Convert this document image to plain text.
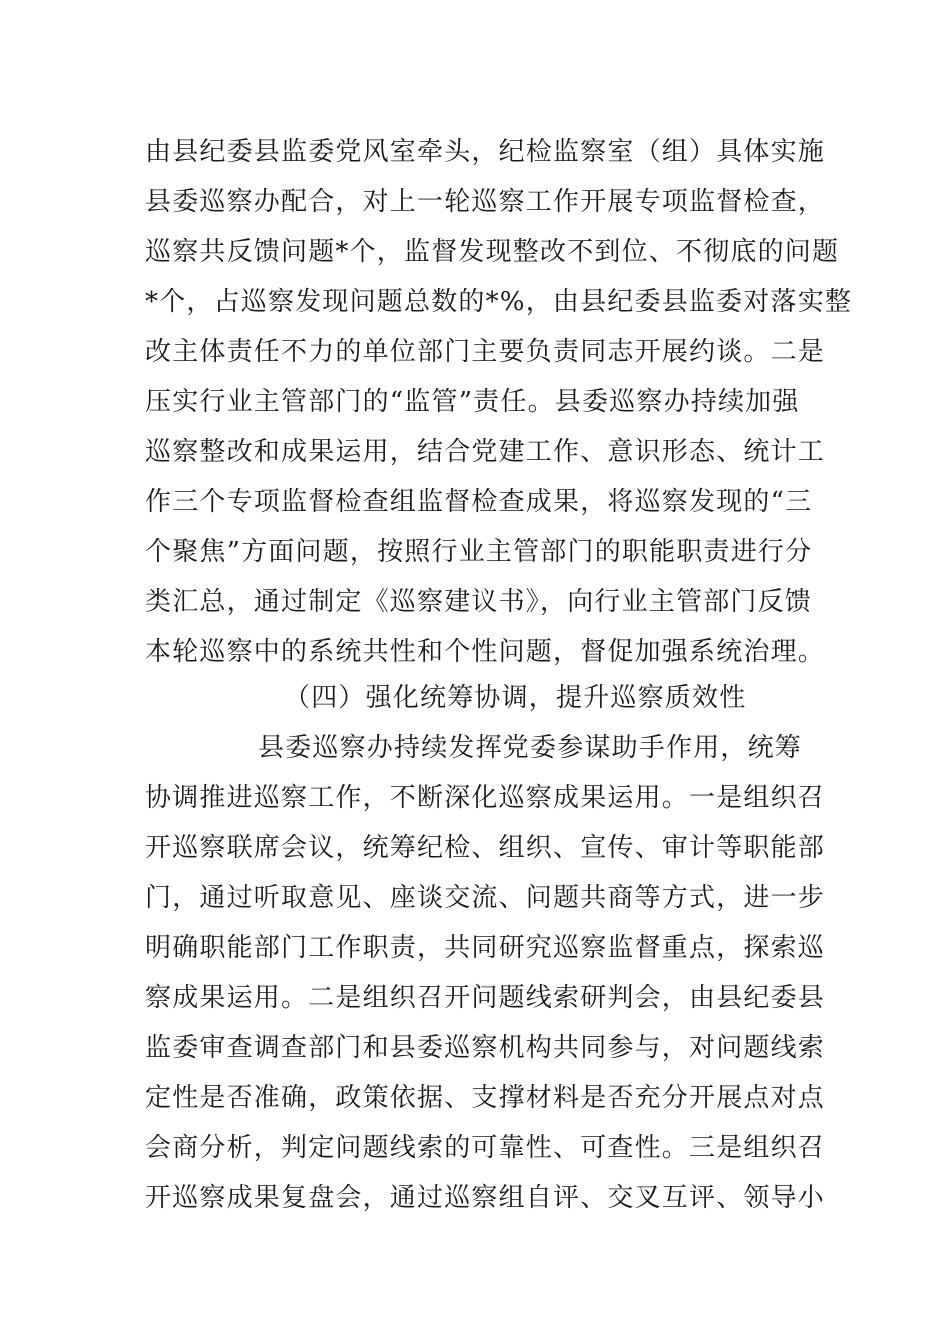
由县纪委县监委党风室牵头，纪检监察室（组）具体实施
县委巡察办配合，对上一轮巡察工作开展专项监督检查，
巡察共反馈问题*个，监督发现整改不到位、不彻底的问题
*个，占巡察发现问题总数的*%，由县纪委县监委对落实整
改主体责任不力的单位部门主要负责同志开展约谈。二是
压实行业主管部门的“监管”责任。县委巡察办持续加强
巡察整改和成果运用，结合党建工作、意识形态、统计工
作三个专项监督检查组监督检查成果，将巡察发现的“三
个聚焦”方面问题，按照行业主管部门的职能职责进行分
类汇总，通过制定《巡察建议书》，向行业主管部门反馈
本轮巡察中的系统共性和个性问题，督促加强系统治理。
（四）强化统筹协调，提升巡察质效性
县委巡察办持续发挥党委参谋助手作用，统筹
协调推进巡察工作，不断深化巡察成果运用。一是组织召
开巡察联席会议，统筹纪检、组织、宣传、审计等职能部
门，通过听取意见、座谈交流、问题共商等方式，进一步
明确职能部门工作职责，共同研究巡察监督重点，探索巡
察成果运用。二是组织召开问题线索研判会，由县纪委县
监委审查调查部门和县委巡察机构共同参与，对问题线索
定性是否准确，政策依据、支撑材料是否充分开展点对点
会商分析，判定问题线索的可靠性、可查性。三是组织召
开巡察成果复盘会，通过巡察组自评、交叉互评、领导小
